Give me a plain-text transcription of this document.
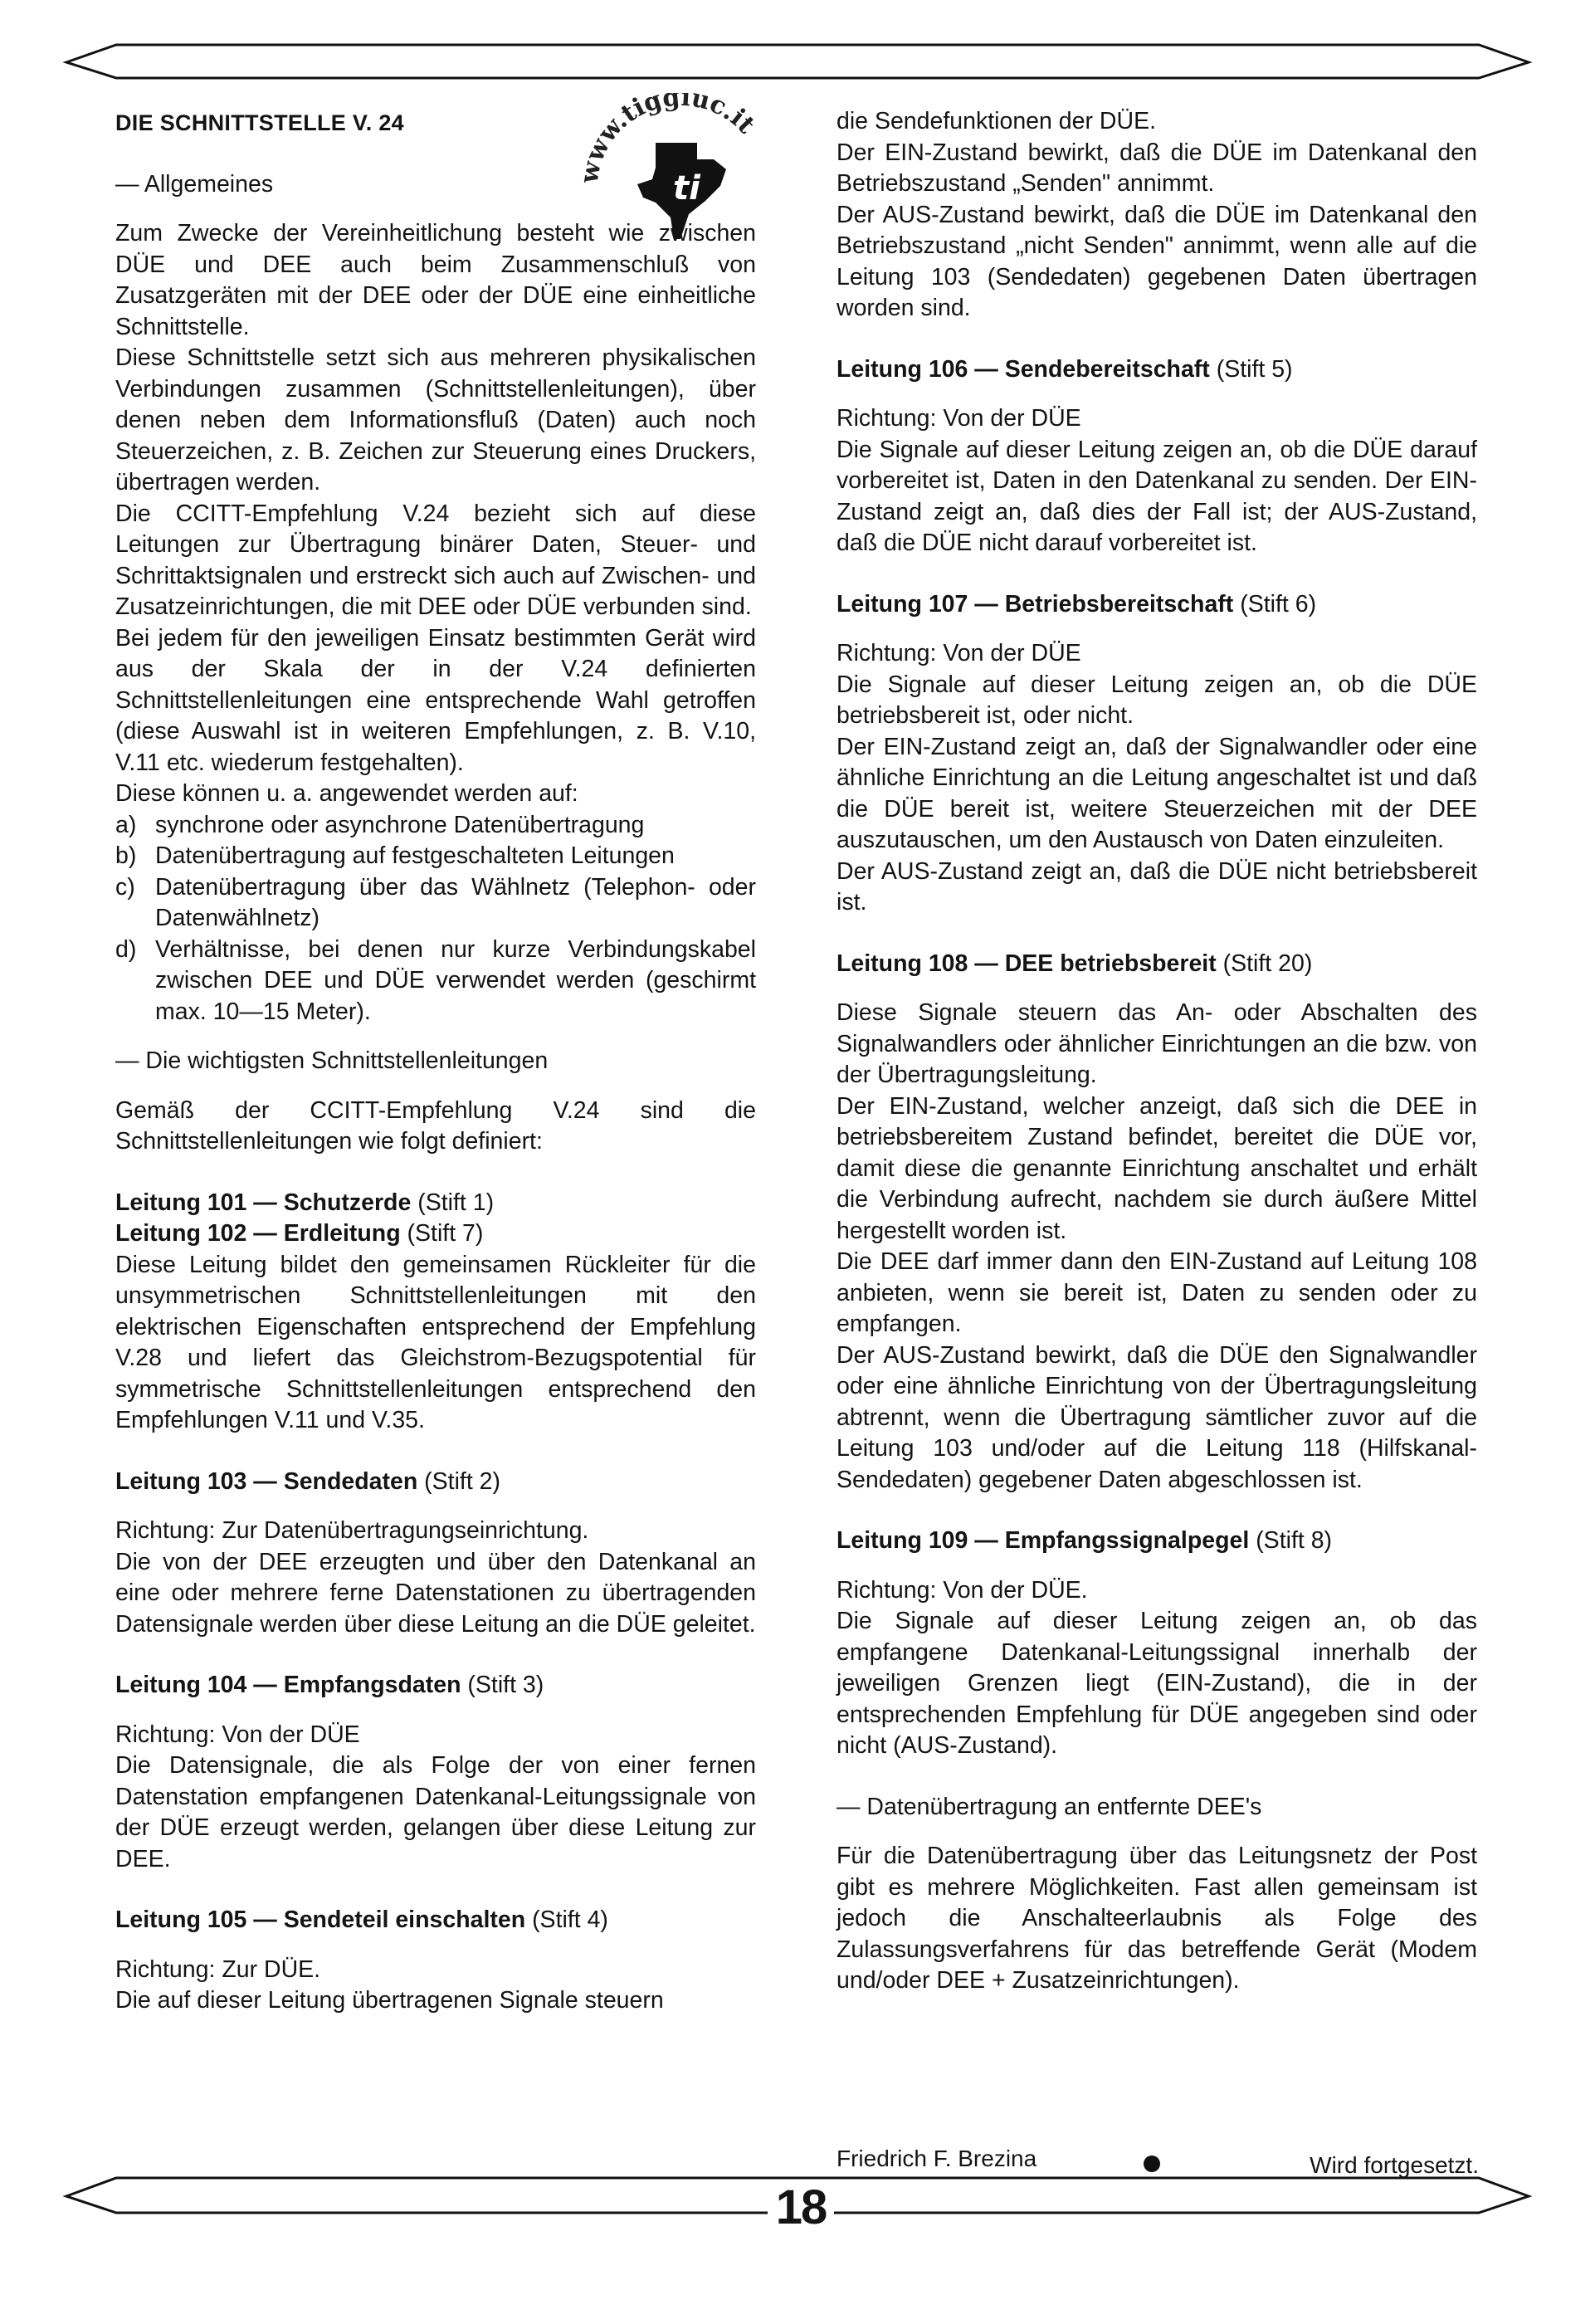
www.tiggiuc.it
ti

DIE SCHNITTSTELLE V. 24

— Allgemeines

Zum Zwecke der Vereinheitlichung besteht wie zwischen DÜE und DEE auch beim Zusammenschluß von Zusatzgeräten mit der DEE oder der DÜE eine einheitliche Schnittstelle.

Diese Schnittstelle setzt sich aus mehreren physikalischen Verbindungen zusammen (Schnittstellenleitungen), über denen neben dem Informationsfluß (Daten) auch noch Steuerzeichen, z. B. Zeichen zur Steuerung eines Druckers, übertragen werden.

Die CCITT-Empfehlung V.24 bezieht sich auf diese Leitungen zur Übertragung binärer Daten, Steuer- und Schrittaktsignalen und erstreckt sich auch auf Zwischen- und Zusatzeinrichtungen, die mit DEE oder DÜE verbunden sind.

Bei jedem für den jeweiligen Einsatz bestimmten Gerät wird aus der Skala der in der V.24 definierten Schnittstellenleitungen eine entsprechende Wahl getroffen (diese Auswahl ist in weiteren Empfehlungen, z. B. V.10, V.11 etc. wiederum festgehalten).

Diese können u. a. angewendet werden auf:

a) synchrone oder asynchrone Datenübertragung
b) Datenübertragung auf festgeschalteten Leitungen
c) Datenübertragung über das Wählnetz (Telephon- oder Datenwählnetz)
d) Verhältnisse, bei denen nur kurze Verbindungskabel zwischen DEE und DÜE verwendet werden (geschirmt max. 10—15 Meter).

— Die wichtigsten Schnittstellenleitungen

Gemäß der CCITT-Empfehlung V.24 sind die Schnittstellenleitungen wie folgt definiert:

Leitung 101 — Schutzerde (Stift 1)

Leitung 102 — Erdleitung (Stift 7)

Diese Leitung bildet den gemeinsamen Rückleiter für die unsymmetrischen Schnittstellenleitungen mit den elektrischen Eigenschaften entsprechend der Empfehlung V.28 und liefert das Gleichstrom-Bezugspotential für symmetrische Schnittstellenleitungen entsprechend den Empfehlungen V.11 und V.35.

Leitung 103 — Sendedaten (Stift 2)

Richtung: Zur Datenübertragungseinrichtung.

Die von der DEE erzeugten und über den Datenkanal an eine oder mehrere ferne Datenstationen zu übertragenden Datensignale werden über diese Leitung an die DÜE geleitet.

Leitung 104 — Empfangsdaten (Stift 3)

Richtung: Von der DÜE

Die Datensignale, die als Folge der von einer fernen Datenstation empfangenen Datenkanal-Leitungssignale von der DÜE erzeugt werden, gelangen über diese Leitung zur DEE.

Leitung 105 — Sendeteil einschalten (Stift 4)

Richtung: Zur DÜE.

Die auf dieser Leitung übertragenen Signale steuern

die Sendefunktionen der DÜE.

Der EIN-Zustand bewirkt, daß die DÜE im Datenkanal den Betriebszustand „Senden" annimmt.

Der AUS-Zustand bewirkt, daß die DÜE im Datenkanal den Betriebszustand „nicht Senden" annimmt, wenn alle auf die Leitung 103 (Sendedaten) gegebenen Daten übertragen worden sind.

Leitung 106 — Sendebereitschaft (Stift 5)

Richtung: Von der DÜE

Die Signale auf dieser Leitung zeigen an, ob die DÜE darauf vorbereitet ist, Daten in den Datenkanal zu senden. Der EIN-Zustand zeigt an, daß dies der Fall ist; der AUS-Zustand, daß die DÜE nicht darauf vorbereitet ist.

Leitung 107 — Betriebsbereitschaft (Stift 6)

Richtung: Von der DÜE

Die Signale auf dieser Leitung zeigen an, ob die DÜE betriebsbereit ist, oder nicht.

Der EIN-Zustand zeigt an, daß der Signalwandler oder eine ähnliche Einrichtung an die Leitung angeschaltet ist und daß die DÜE bereit ist, weitere Steuerzeichen mit der DEE auszutauschen, um den Austausch von Daten einzuleiten.

Der AUS-Zustand zeigt an, daß die DÜE nicht betriebsbereit ist.

Leitung 108 — DEE betriebsbereit (Stift 20)

Diese Signale steuern das An- oder Abschalten des Signalwandlers oder ähnlicher Einrichtungen an die bzw. von der Übertragungsleitung.

Der EIN-Zustand, welcher anzeigt, daß sich die DEE in betriebsbereitem Zustand befindet, bereitet die DÜE vor, damit diese die genannte Einrichtung anschaltet und erhält die Verbindung aufrecht, nachdem sie durch äußere Mittel hergestellt worden ist.

Die DEE darf immer dann den EIN-Zustand auf Leitung 108 anbieten, wenn sie bereit ist, Daten zu senden oder zu empfangen.

Der AUS-Zustand bewirkt, daß die DÜE den Signalwandler oder eine ähnliche Einrichtung von der Übertragungsleitung abtrennt, wenn die Übertragung sämtlicher zuvor auf die Leitung 103 und/oder auf die Leitung 118 (Hilfskanal-Sendedaten) gegebener Daten abgeschlossen ist.

Leitung 109 — Empfangssignalpegel (Stift 8)

Richtung: Von der DÜE.

Die Signale auf dieser Leitung zeigen an, ob das empfangene Datenkanal-Leitungssignal innerhalb der jeweiligen Grenzen liegt (EIN-Zustand), die in der entsprechenden Empfehlung für DÜE angegeben sind oder nicht (AUS-Zustand).

— Datenübertragung an entfernte DEE's

Für die Datenübertragung über das Leitungsnetz der Post gibt es mehrere Möglichkeiten. Fast allen gemeinsam ist jedoch die Anschalteerlaubnis als Folge des Zulassungsverfahrens für das betreffende Gerät (Modem und/oder DEE + Zusatzeinrichtungen).

Friedrich F. Brezina	Wird fortgesetzt.
18
